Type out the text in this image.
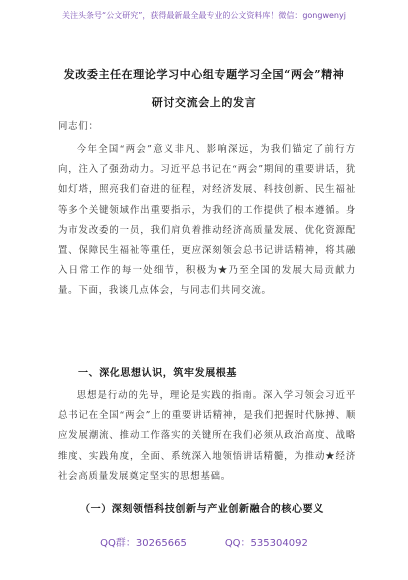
关注头条号“公文研究”，获得最新最全最专业的公文资料库！微信：gongwenyj
发改委主任在理论学习中心组专题学习全国“两会”精神
研讨交流会上的发言

同志们：

今年全国“两会”意义非凡、影响深远，为我们锚定了前行方向，注入了强劲动力。习近平总书记在“两会”期间的重要讲话，犹如灯塔，照亮我们奋进的征程，对经济发展、科技创新、民生福祉等多个关键领域作出重要指示，为我们的工作提供了根本遵循。身为市发改委的一员，我们肩负着推动经济高质量发展、优化资源配置、保障民生福祉等重任，更应深刻领会总书记讲话精神，将其融入日常工作的每一处细节，积极为★乃至全国的发展大局贡献力量。下面，我谈几点体会，与同志们共同交流。

一、深化思想认识，筑牢发展根基

思想是行动的先导，理论是实践的指南。深入学习领会习近平总书记在全国“两会”上的重要讲话精神，是我们把握时代脉搏、顺应发展潮流、推动工作落实的关键所在我们必须从政治高度、战略维度、实践角度，全面、系统深入地领悟讲话精髓，为推动★经济社会高质量发展奠定坚实的思想基础。

（一）深刻领悟科技创新与产业创新融合的核心要义
QQ群：30265665	QQ：535304092
